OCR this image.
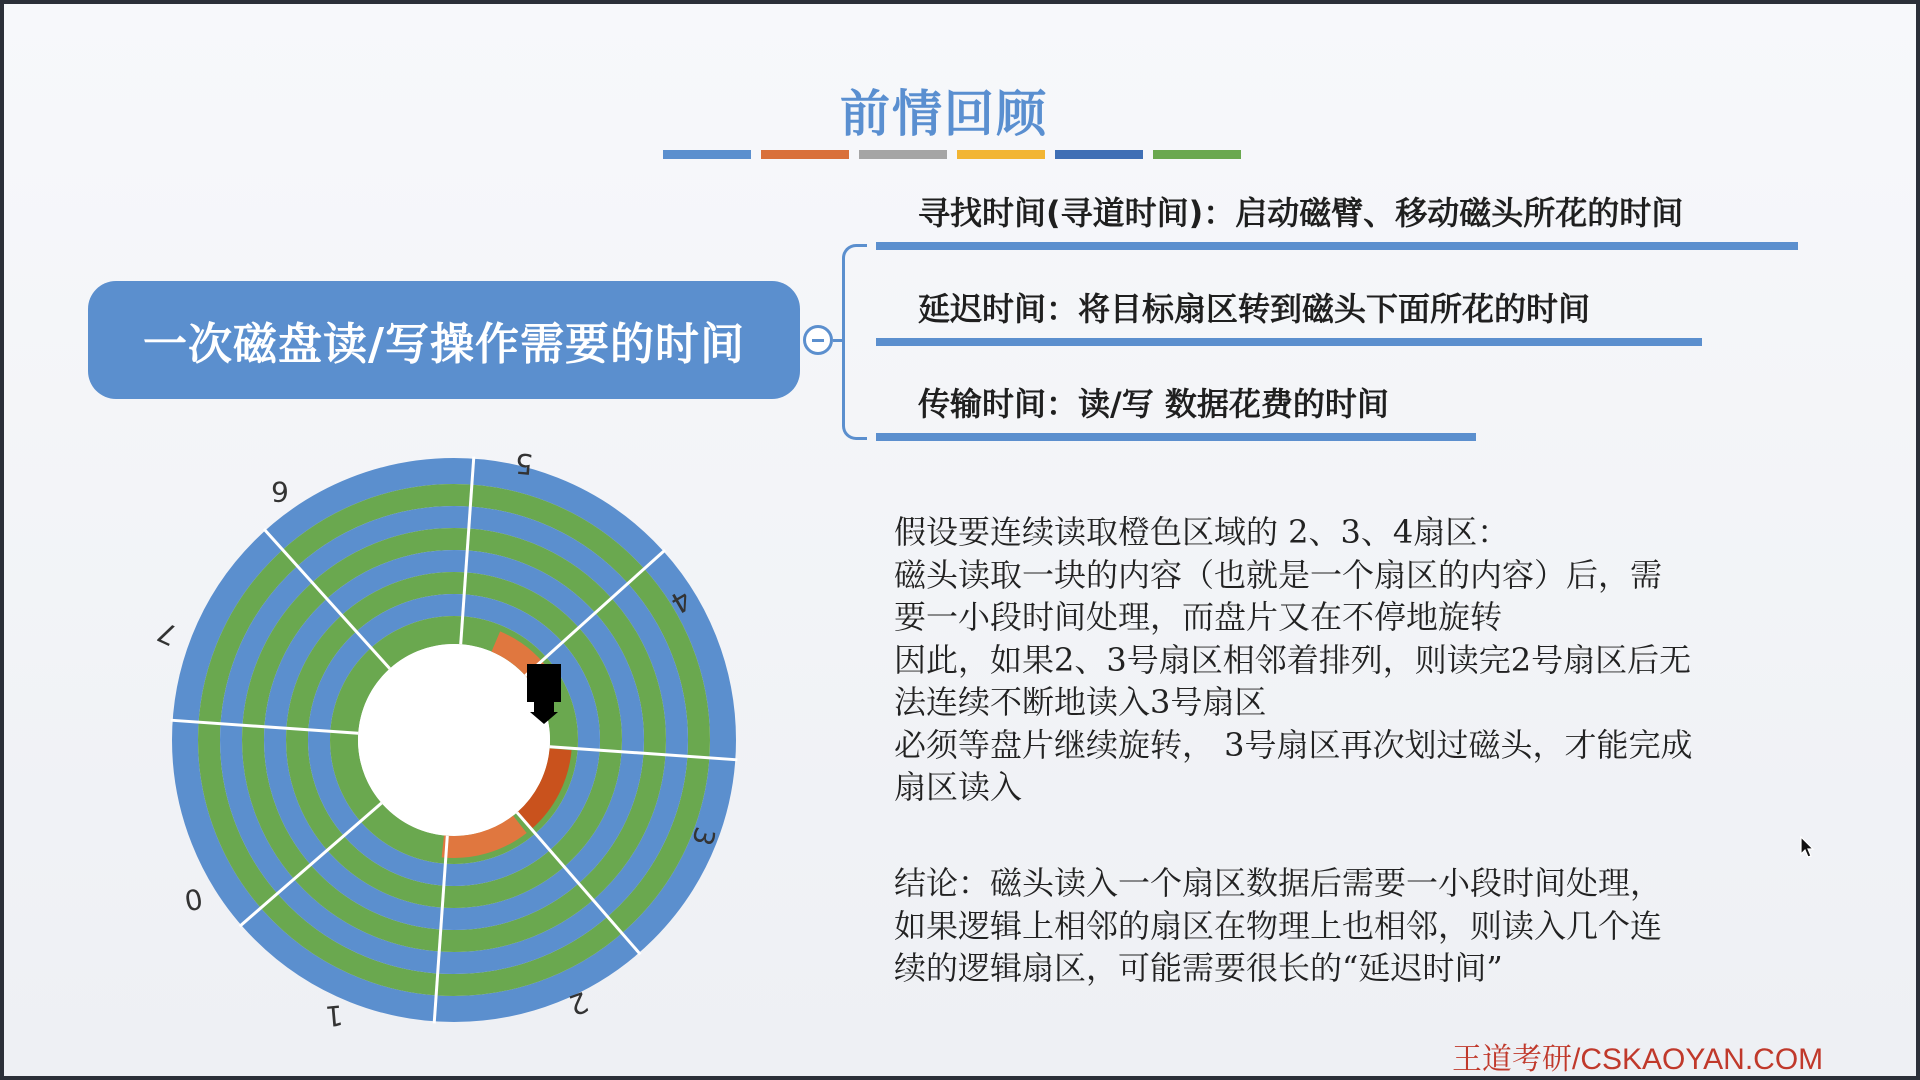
前情回顾
一次磁盘读/写操作需要的时间
寻找时间(寻道时间)：启动磁臂、移动磁头所花的时间
延迟时间：将目标扇区转到磁头下面所花的时间
传输时间：读/写 数据花费的时间
0
1	2
3
4
5
6
7
假设要连续读取橙色区域的 2、3、4扇区：
磁头读取一块的内容（也就是一个扇区的内容）后，需
要一小段时间处理，而盘片又在不停地旋转
因此，如果2、3号扇区相邻着排列，则读完2号扇区后无
法连续不断地读入3号扇区
必须等盘片继续旋转， 3号扇区再次划过磁头，才能完成
扇区读入
结论：磁头读入一个扇区数据后需要一小段时间处理，
如果逻辑上相邻的扇区在物理上也相邻，则读入几个连
续的逻辑扇区，可能需要很长的“延迟时间”
王道考研/CSKAOYAN.COM
